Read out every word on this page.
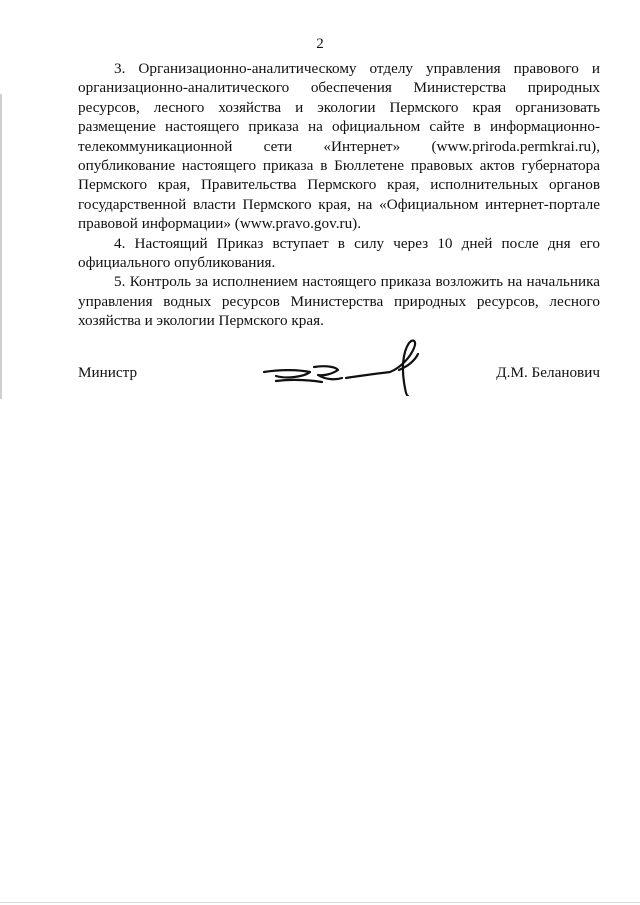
2

3. Организационно-аналитическому отделу управления правового и организационно-аналитического обеспечения Министерства природных ресурсов, лесного хозяйства и экологии Пермского края организовать размещение настоящего приказа на официальном сайте в информационно-телекоммуникационной сети «Интернет» (www.priroda.permkrai.ru), опубликование настоящего приказа в Бюллетене правовых актов губернатора Пермского края, Правительства Пермского края, исполнительных органов государственной власти Пермского края, на «Официальном интернет-портале правовой информации» (www.pravo.gov.ru).

4. Настоящий Приказ вступает в силу через 10 дней после дня его официального опубликования.

5. Контроль за исполнением настоящего приказа возложить на начальника управления водных ресурсов Министерства природных ресурсов, лесного хозяйства и экологии Пермского края.

Министр	Д.М. Беланович
